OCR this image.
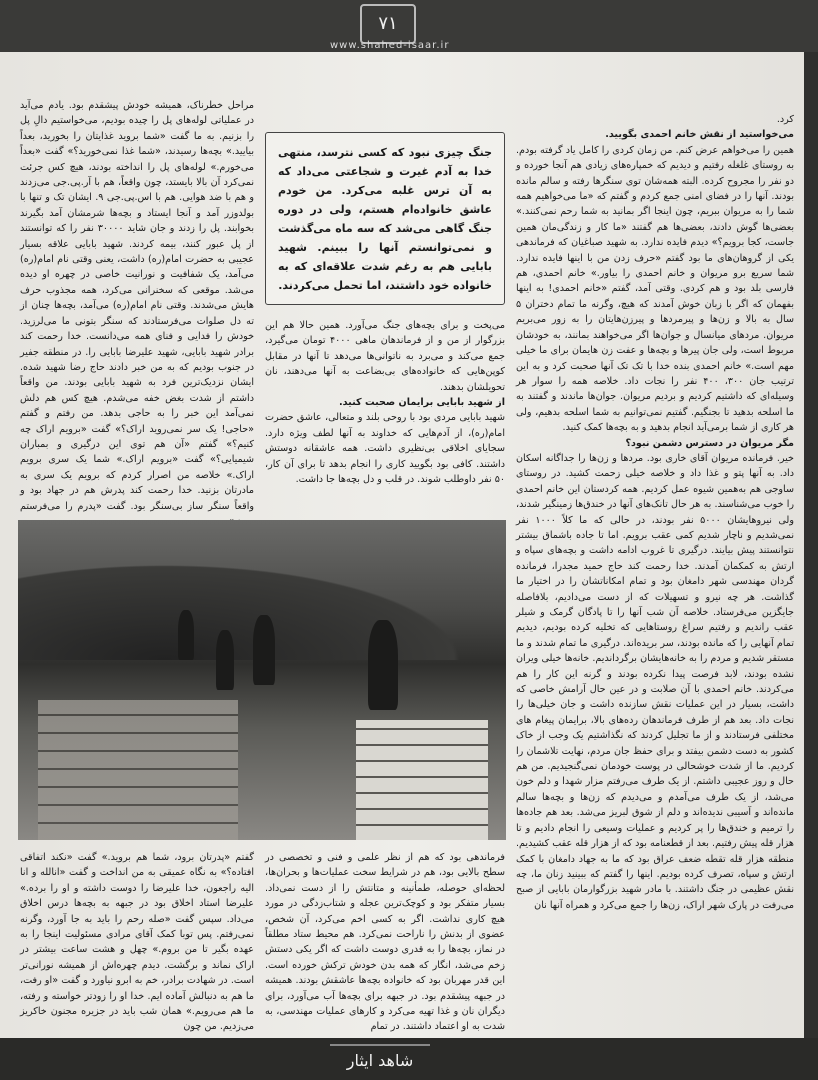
۷۱
www.shahed-isaar.ir

کرد.

می‌خواستید از نقش خانم احمدی بگویید.

همین را می‌خواهم عرض کنم. من زمان کردی را کامل یاد گرفته بودم. به روستای غلغله رفتیم و دیدیم که خمپاره‌های زیادی هم آنجا خورده و دو نفر را مجروح کرده. البته همه‌شان توی سنگرها رفته و سالم مانده بودند. آنها را در فضای امنی جمع کردم و گفتم که «ما می‌خواهیم همه شما را به مریوان ببریم، چون اینجا اگر بمانید به شما رحم نمی‌کنند.» بعضی‌ها گوش دادند، بعضی‌ها هم گفتند «ما کار و زندگی‌مان همین جاست، کجا برویم؟» دیدم فایده ندارد. به شهید صباغیان که فرماندهی یکی از گروهان‌های ما بود گفتم «حرف زدن من با اینها فایده ندارد. شما سریع برو مریوان و خانم احمدی را بیاور.» خانم احمدی، هم فارسی بلد بود و هم کردی. وقتی آمد، گفتم «خانم احمدی! به اینها بفهمان که اگر با زبان خوش آمدند که هیچ، وگرنه ما تمام دختران ۵ سال به بالا و زن‌ها و پیرمردها و پیرزن‌هایتان را به زور می‌بریم مریوان. مردهای میانسال و جوان‌ها اگر می‌خواهند بمانند، به خودشان مربوط است، ولی جان پیرها و بچه‌ها و عفت زن هایمان برای ما خیلی مهم است.» خانم احمدی بنده خدا با تک تک آنها صحبت کرد و به این ترتیب جان ۳۰۰، ۴۰۰ نفر را نجات داد. خلاصه همه را سوار هر وسیله‌ای که داشتیم کردیم و بردیم مریوان. جوان‌ها ماندند و گفتند به ما اسلحه بدهید تا بجنگیم. گفتیم نمی‌توانیم به شما اسلحه بدهیم، ولی هر کاری از شما برمی‌آید انجام بدهید و به بچه‌ها کمک کنید.

مگر مریوان در دسترس دشمن نبود؟

خیر. فرمانده مریوان آقای خاری بود. مردها و زن‌ها را جداگانه اسکان داد. به آنها پتو و غذا داد و خلاصه خیلی زحمت کشید. در روستای ساوجی هم به‌همین شیوه عمل کردیم. همه کردستان این خانم احمدی را خوب می‌شناسند. به هر حال تانک‌های آنها در خندق‌ها زمینگیر شدند، ولی نیروهایشان ۵۰۰۰ نفر بودند، در حالی که ما کلاً ۱۰۰۰ نفر نمی‌شدیم و ناچار شدیم کمی عقب برویم. اما تا جاده باشماق بیشتر نتوانستند پیش بیایند. درگیری تا غروب ادامه داشت و بچه‌های سپاه و ارتش به کمکمان آمدند. خدا رحمت کند حاج حمید مجدرا، فرمانده گردان مهندسی شهر دامغان بود و تمام امکاناتشان را در اختیار ما گذاشت. هر چه نیرو و تسهیلات که از دست می‌دادیم، بلافاصله جایگزین می‌فرستاد. خلاصه آن شب آنها را تا پادگان گرمک و شیلر عقب راندیم و رفتیم سراغ روستاهایی که تخلیه کرده بودیم، دیدیم تمام آنهایی را که مانده بودند، سر بریده‌اند. درگیری ما تمام شدند و ما مستقر شدیم و مردم را به خانه‌هایشان برگرداندیم. خانه‌ها خیلی ویران نشده بودند، لابد فرصت پیدا نکرده بودند و گرنه این کار را هم می‌کردند. خانم احمدی با آن صلابت و در عین حال آرامش خاصی که داشت، بسیار در این عملیات نقش سازنده داشت و جان خیلی‌ها را نجات داد. بعد هم از طرف فرماندهان رده‌های بالا، برایمان پیغام های مختلفی فرستادند و از ما تجلیل کردند که نگذاشتیم یک وجب از خاک کشور به دست دشمن بیفتد و برای حفظ جان مردم، نهایت تلاشمان را کردیم. ما از شدت خوشحالی در پوست خودمان نمی‌گنجیدیم. من هم حال و روز عجیبی داشتم. از یک طرف می‌رفتم مزار شهدا و دلم خون می‌شد، از یک طرف می‌آمدم و می‌دیدم که زن‌ها و بچه‌ها سالم مانده‌اند و آسیبی ندیده‌اند و دلم از شوق لبریز می‌شد. بعد هم جاده‌ها را ترمیم و خندق‌ها را پر کردیم و عملیات وسیعی را انجام دادیم و تا هزار قله پیش رفتیم. بعد از قطعنامه بود که از هزار قله عقب کشیدیم. منطقه هزار قله تقطه ضعف عراق بود که ما به جهاد دامغان با کمک ارتش و سپاه، تصرف کرده بودیم. اینها را گفتم که ببینید زنان ما، چه نقش عظیمی در جنگ داشتند. با مادر شهید بزرگوارمان بابایی از صبح می‌رفت در پارک شهر اراک، زن‌ها را جمع می‌کرد و همراه آنها نان

جنگ چیزی نبود که کسی نترسد، منتهی خدا به آدم غیرت و شجاعتی می‌داد که به آن ترس غلبه می‌کرد. من خودم عاشق خانواده‌ام هستم، ولی در دوره جنگ گاهی می‌شد که سه ماه می‌گذشت و نمی‌توانستم آنها را ببینم. شهید بابایی هم به رغم شدت علاقه‌ای که به خانواده خود داشتند، اما تحمل می‌کردند.

می‌پخت و برای بچه‌های جنگ می‌آورد. همین حالا هم این بزرگوار از من و از فرماندهان ماهی ۴۰۰۰ تومان می‌گیرد، جمع می‌کند و می‌برد به ناتوانی‌ها می‌دهد تا آنها در مقابل کوپن‌هایی که خانواده‌های بی‌بضاعت به آنها می‌دهند، نان تحویلشان بدهند.

از شهید بابایی برایمان صحبت کنید.

شهید بابایی مردی بود با روحی بلند و متعالی، عاشق حضرت امام(ره)، از آدم‌هایی که خداوند به آنها لطف ویژه دارد. سجایای اخلاقی بی‌نظیری داشت. همه عاشقانه دوستش داشتند. کافی بود بگویید کاری را انجام بدهد تا برای آن کار، ۵۰ نفر داوطلب شوند. در قلب و دل بچه‌ها جا داشت.

مراحل خطرناک، همیشه خودش پیشقدم بود. یادم می‌آید در عملیاتی لوله‌های پل را چیده بودیم، می‌خواستیم دالِ پل را بزنیم. به ما گفت «شما بروید غذایتان را بخورید، بعداً بیایید.» بچه‌ها رسیدند، «شما غذا نمی‌خورید؟» گفت «بعداً می‌خورم.» لوله‌های پل را انداخته بودند، هیچ کس جرئت نمی‌کرد آن بالا بایستد، چون واقعاً، هم با آر.پی.جی می‌زدند و هم با ضد هوایی. هم با اس.پی.جی ۹. ایشان تک و تنها با بولدوزر آمد و آنجا ایستاد و بچه‌ها شرمشان آمد بگیرند بخوابند. پل را زدند و جان شاید ۳۰۰۰۰ نفر را که توانستند از پل عبور کنند، بیمه کردند. شهید بابایی علاقه بسیار عجیبی به حضرت امام(ره) داشت، یعنی وقتی نام امام(ره) می‌آمد، یک شفافیت و نورانیت خاصی در چهره او دیده می‌شد. موقعی که سخنرانی می‌کرد، همه مجذوب حرف هایش می‌شدند. وقتی نام امام(ره) می‌آمد، بچه‌ها چنان از ته دل صلوات می‌فرستادند که سنگر بتونی ما می‌لرزید. خودش را فدایی و فنای همه می‌دانست. خدا رحمت کند برادر شهید بابایی، شهید علیرضا بابایی را. در منطقه جفیر در جنوب بودیم که به من خبر دادند حاج رضا شهید شده. ایشان نزدیک‌ترین فرد به شهید بابایی بودند. من واقعاً داشتم از شدت بغض خفه می‌شدم. هیچ کس هم دلش نمی‌آمد این خبر را به حاجی بدهد. من رفتم و گفتم «حاجی! یک سر نمی‌روید اراک؟» گفت «برویم اراک چه کنیم؟» گفتم «آن هم توی این درگیری و بمباران شیمیایی؟» گفت «برویم اراک.» شما یک سری برویم اراک.» خلاصه من اصرار کردم که برویم یک سری به مادرتان بزنید. خدا رحمت کند پدرش هم در جهاد بود و واقعاً سنگر ساز بی‌سنگر بود. گفت «پدرم را می‌فرستم

فرماندهی بود که هم از نظر علمی و فنی و تخصصی در سطح بالایی بود، هم در شرایط سخت عملیات‌ها و بحران‌ها، لحظه‌ای حوصله، طمأنینه و متانتش را از دست نمی‌داد. بسیار متفکر بود و کوچک‌ترین عجله و شتاب‌زدگی در مورد هیچ کاری نداشت. اگر به کسی اخم می‌کرد، آن شخص، عضوی از بدنش را ناراحت نمی‌کرد. هم محیط ستاد مطلقاً در نماز، بچه‌ها را به قدری دوست داشت که اگر یکی دستش زخم می‌شد، انگار که همه بدن خودش ترکش خورده است. این قدر مهربان بود که خانواده بچه‌ها عاشقش بودند. همیشه در جبهه پیشقدم بود. در جبهه برای بچه‌ها آب می‌آورد، برای دیگران نان و غذا تهیه می‌کرد و کارهای عملیات مهندسی، به شدت به او اعتماد داشتند. در تمام

گفتم «پدرتان برود، شما هم بروید.» گفت «نکند اتفاقی افتاده؟» به نگاه عمیقی به من انداخت و گفت «انالله و انا الیه راجعون، خدا علیرضا را دوست داشته و او را برده.» علیرضا استاد اخلاق بود در جبهه به بچه‌ها درس اخلاق می‌داد. سپس گفت «صله رحم را باید به جا آورد، وگرنه نمی‌رفتم. پس توبا کمک آقای مرادی مسئولیت اینجا را به عهده بگیر تا من بروم.» چهل و هشت ساعت بیشتر در اراک نماند و برگشت. دیدم چهره‌اش از همیشه نورانی‌تر است. در شهادت برادر، خم به ابرو نیاورد و گفت «او رفت، ما هم به دنبالش آماده ایم. خدا او را زودتر خواسته و رفته، ما هم می‌رویم.» همان شب باید در جزیره مجنون خاکریز می‌زدیم. من چون

شاهد ایثار
